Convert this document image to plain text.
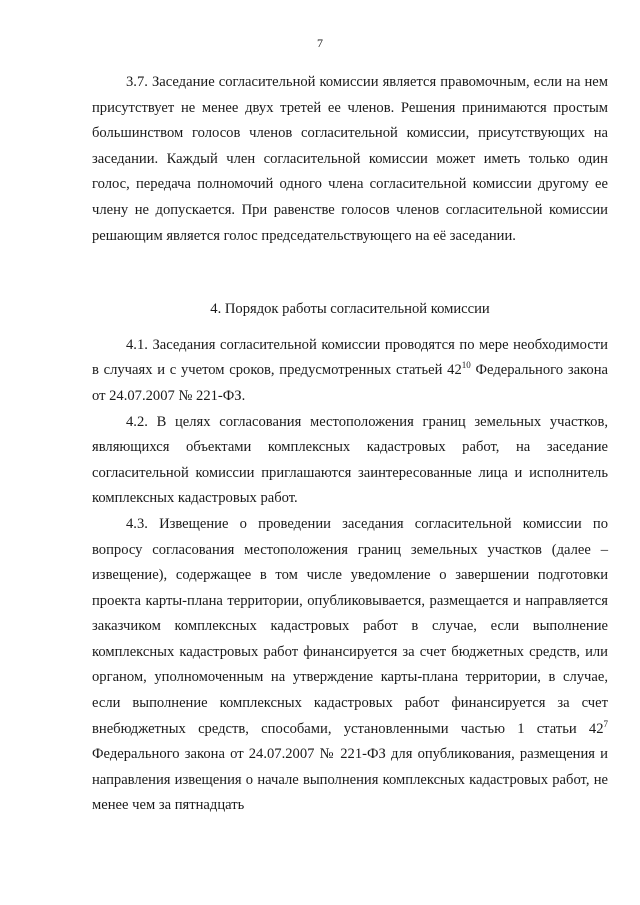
7

3.7. Заседание согласительной комиссии является правомочным, если на нем присутствует не менее двух третей ее членов. Решения принимаются простым большинством голосов членов согласительной комиссии, присутствующих на заседании. Каждый член согласительной комиссии может иметь только один голос, передача полномочий одного члена согласительной комиссии другому ее члену не допускается. При равенстве голосов членов согласительной комиссии решающим является голос председательствующего на её заседании.

4. Порядок работы согласительной комиссии

4.1. Заседания согласительной комиссии проводятся по мере необходимости в случаях и с учетом сроков, предусмотренных статьей $42^{10}$ Федерального закона от 24.07.2007 № 221-ФЗ.

4.2. В целях согласования местоположения границ земельных участков, являющихся объектами комплексных кадастровых работ, на заседание согласительной комиссии приглашаются заинтересованные лица и исполнитель комплексных кадастровых работ.

4.3. Извещение о проведении заседания согласительной комиссии по вопросу согласования местоположения границ земельных участков (далее – извещение), содержащее в том числе уведомление о завершении подготовки проекта карты-плана территории, опубликовывается, размещается и направляется заказчиком комплексных кадастровых работ в случае, если выполнение комплексных кадастровых работ финансируется за счет бюджетных средств, или органом, уполномоченным на утверждение карты-плана территории, в случае, если выполнение комплексных кадастровых работ финансируется за счет внебюджетных средств, способами, установленными частью 1 статьи $42^7$ Федерального закона от 24.07.2007 № 221-ФЗ для опубликования, размещения и направления извещения о начале выполнения комплексных кадастровых работ, не менее чем за пятнадцать
